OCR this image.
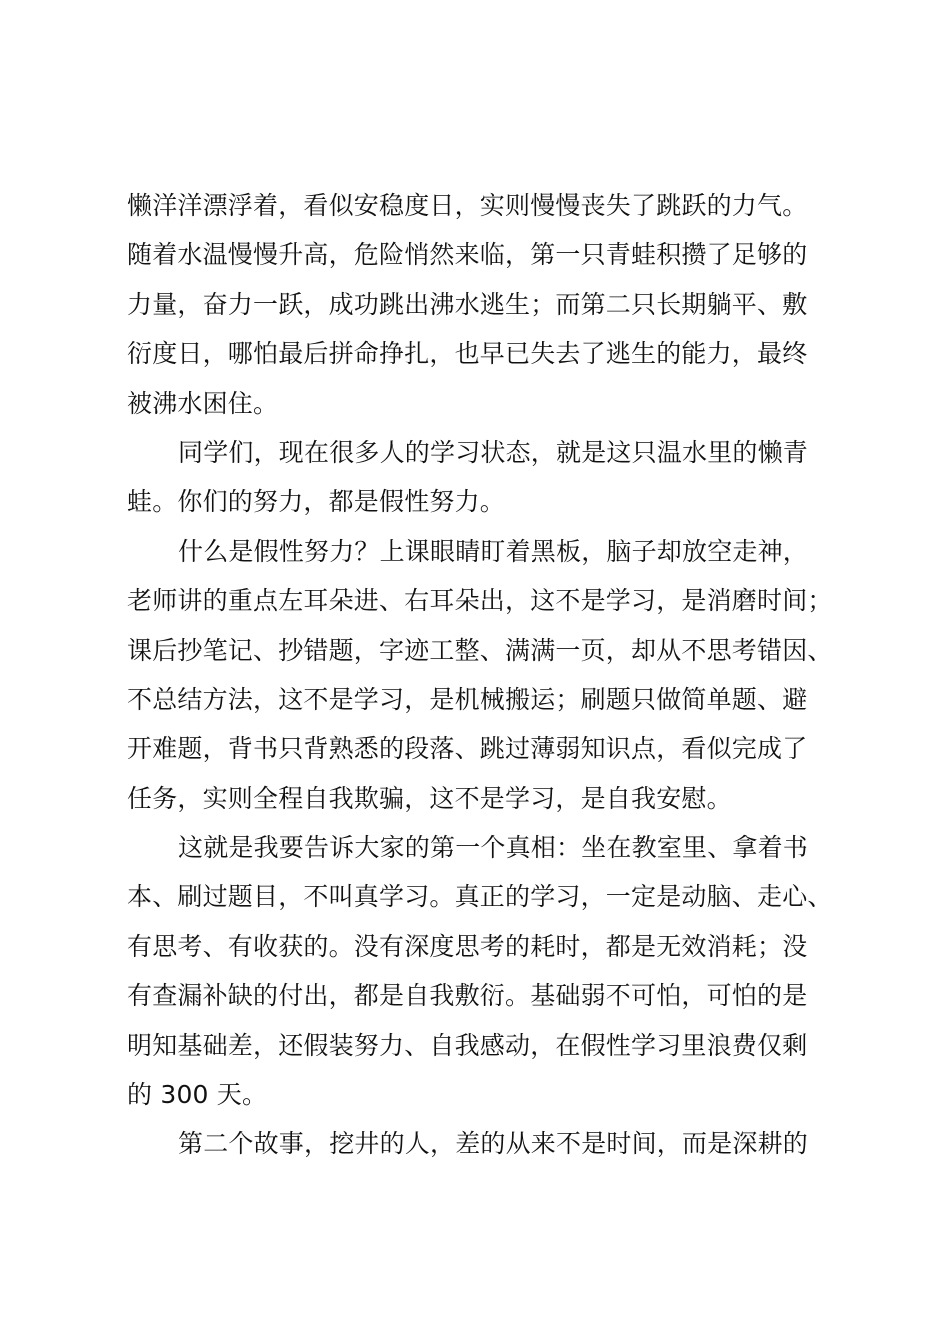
懒洋洋漂浮着，看似安稳度日，实则慢慢丧失了跳跃的力气。
随着水温慢慢升高，危险悄然来临，第一只青蛙积攒了足够的
力量，奋力一跃，成功跳出沸水逃生；而第二只长期躺平、敷
衍度日，哪怕最后拼命挣扎，也早已失去了逃生的能力，最终
被沸水困住。
同学们，现在很多人的学习状态，就是这只温水里的懒青
蛙。你们的努力，都是假性努力。
什么是假性努力？上课眼睛盯着黑板，脑子却放空走神，
老师讲的重点左耳朵进、右耳朵出，这不是学习，是消磨时间；
课后抄笔记、抄错题，字迹工整、满满一页，却从不思考错因、
不总结方法，这不是学习，是机械搬运；刷题只做简单题、避
开难题，背书只背熟悉的段落、跳过薄弱知识点，看似完成了
任务，实则全程自我欺骗，这不是学习，是自我安慰。
这就是我要告诉大家的第一个真相：坐在教室里、拿着书
本、刷过题目，不叫真学习。真正的学习，一定是动脑、走心、
有思考、有收获的。没有深度思考的耗时，都是无效消耗；没
有查漏补缺的付出，都是自我敷衍。基础弱不可怕，可怕的是
明知基础差，还假装努力、自我感动，在假性学习里浪费仅剩
的 300 天。
第二个故事，挖井的人，差的从来不是时间，而是深耕的
